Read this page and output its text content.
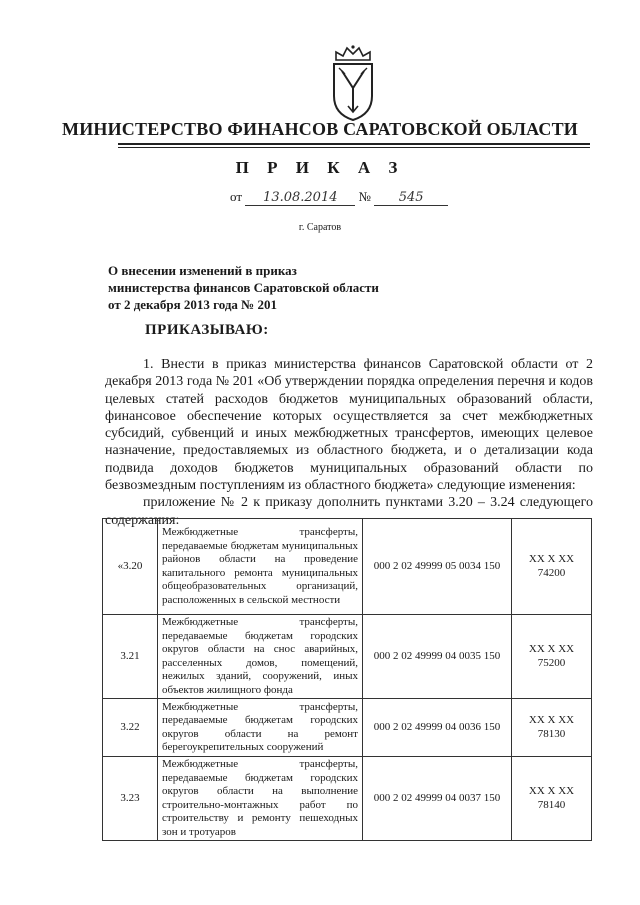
МИНИСТЕРСТВО ФИНАНСОВ САРАТОВСКОЙ ОБЛАСТИ
П Р И К А З
от 13.08.2014 № 545
г. Саратов
О внесении изменений в приказ
министерства финансов Саратовской области
от 2 декабря 2013 года № 201
ПРИКАЗЫВАЮ:

1. Внести в приказ министерства финансов Саратовской области от 2 декабря 2013 года № 201 «Об утверждении порядка определения перечня и кодов целевых статей расходов бюджетов муниципальных образований области, финансовое обеспечение которых осуществляется за счет межбюджетных субсидий, субвенций и иных межбюджетных трансфертов, имеющих целевое назначение, предоставляемых из областного бюджета, и о детализации кода подвида доходов бюджетов муниципальных образований области по безвозмездным поступлениям из областного бюджета» следующие изменения:

приложение № 2 к приказу дополнить пунктами 3.20 – 3.24 следующего содержания:

«3.20	Межбюджетные трансферты, передаваемые бюджетам муниципальных районов области на проведение капитального ремонта муниципальных общеобразовательных организаций, расположенных в сельской местности	000 2 02 49999 05 0034 150	XX X XX 74200
3.21	Межбюджетные трансферты, передаваемые бюджетам городских округов области на снос аварийных, расселенных домов, помещений, нежилых зданий, сооружений, иных объектов жилищного фонда	000 2 02 49999 04 0035 150	XX X XX 75200
3.22	Межбюджетные трансферты, передаваемые бюджетам городских округов области на ремонт берегоукрепительных сооружений	000 2 02 49999 04 0036 150	XX X XX 78130
3.23	Межбюджетные трансферты, передаваемые бюджетам городских округов области на выполнение строительно-монтажных работ по строительству и ремонту пешеходных зон и тротуаров	000 2 02 49999 04 0037 150	XX X XX 78140
